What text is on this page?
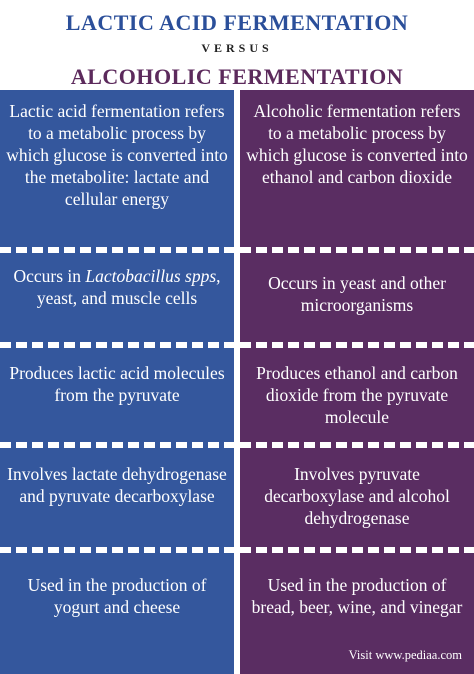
LACTIC ACID FERMENTATION
VERSUS
ALCOHOLIC FERMENTATION
Lactic acid fermentation refers to a metabolic process by which glucose is converted into the metabolite: lactate and cellular energy
Occurs in Lactobacillus spps, yeast, and muscle cells
Produces lactic acid molecules from the pyruvate
Involves lactate dehydrogenase and pyruvate decarboxylase
Used in the production of yogurt and cheese
Alcoholic fermentation refers to a metabolic process by which glucose is converted into ethanol and carbon dioxide
Occurs in yeast and other microorganisms
Produces ethanol and carbon dioxide from the pyruvate molecule
Involves pyruvate decarboxylase and alcohol dehydrogenase
Used in the production of bread, beer, wine, and vinegar
Visit www.pediaa.com
